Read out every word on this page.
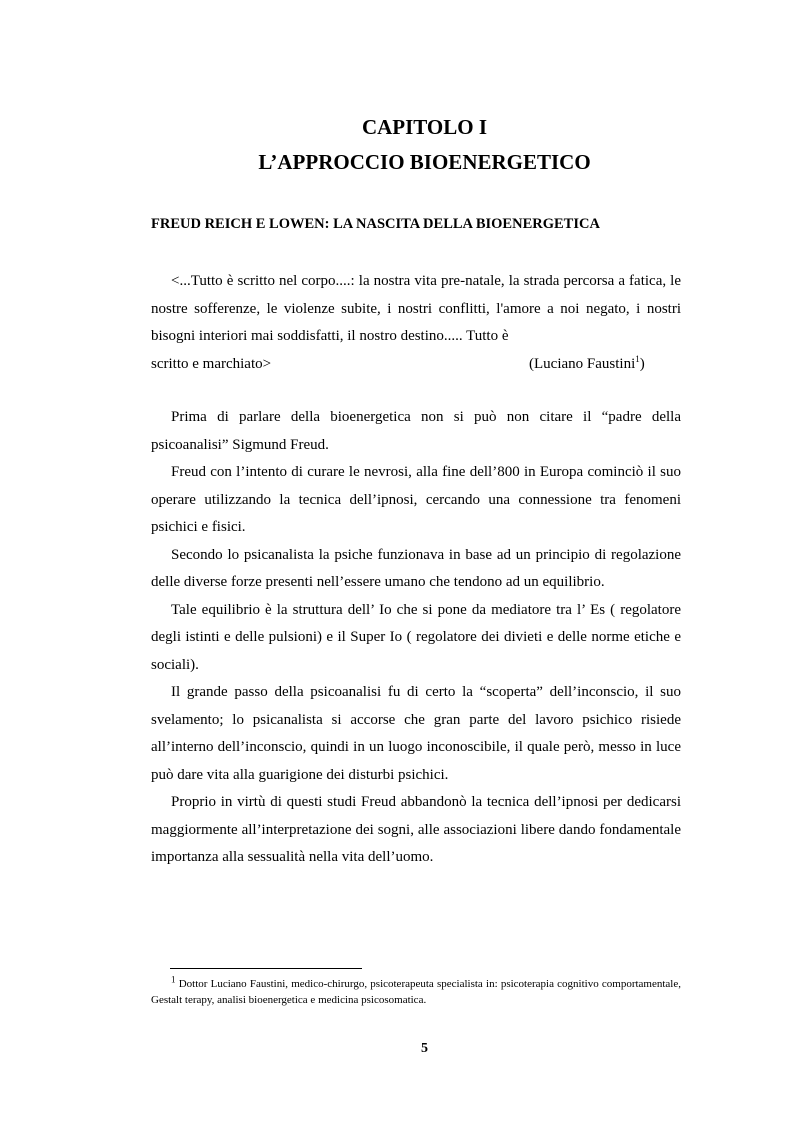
CAPITOLO I
L’APPROCCIO BIOENERGETICO
FREUD REICH E LOWEN: LA NASCITA DELLA BIOENERGETICA

<...Tutto è scritto nel corpo....: la nostra vita pre-natale, la strada percorsa a fatica, le nostre sofferenze, le violenze subite, i nostri conflitti, l'amore a noi negato, i nostri bisogni interiori mai soddisfatti, il nostro destino..... Tutto è

scritto e marchiato>	(Luciano Faustini$^1$)

Prima di parlare della bioenergetica non si può non citare il “padre della psicoanalisi” Sigmund Freud.

Freud con l’intento di curare le nevrosi, alla fine dell’800 in Europa cominciò il suo operare utilizzando la tecnica dell’ipnosi, cercando una connessione tra fenomeni psichici e fisici.

Secondo lo psicanalista la psiche funzionava in base ad un principio di regolazione delle diverse forze presenti nell’essere umano che tendono ad un equilibrio.

Tale equilibrio è la struttura dell’ Io che si pone da mediatore tra l’ Es ( regolatore degli istinti e delle pulsioni) e il Super Io ( regolatore dei divieti e delle norme etiche e sociali).

Il grande passo della psicoanalisi fu di certo la “scoperta” dell’inconscio, il suo svelamento; lo psicanalista si accorse che gran parte del lavoro psichico risiede all’interno dell’inconscio, quindi in un luogo inconoscibile, il quale però, messo in luce può dare vita alla guarigione dei disturbi psichici.

Proprio in virtù di questi studi Freud abbandonò la tecnica dell’ipnosi per dedicarsi maggiormente all’interpretazione dei sogni, alle associazioni libere dando fondamentale importanza alla sessualità nella vita dell’uomo.

$^1$ Dottor Luciano Faustini, medico-chirurgo, psicoterapeuta specialista in: psicoterapia cognitivo comportamentale, Gestalt terapy, analisi bioenergetica e medicina psicosomatica.
5
